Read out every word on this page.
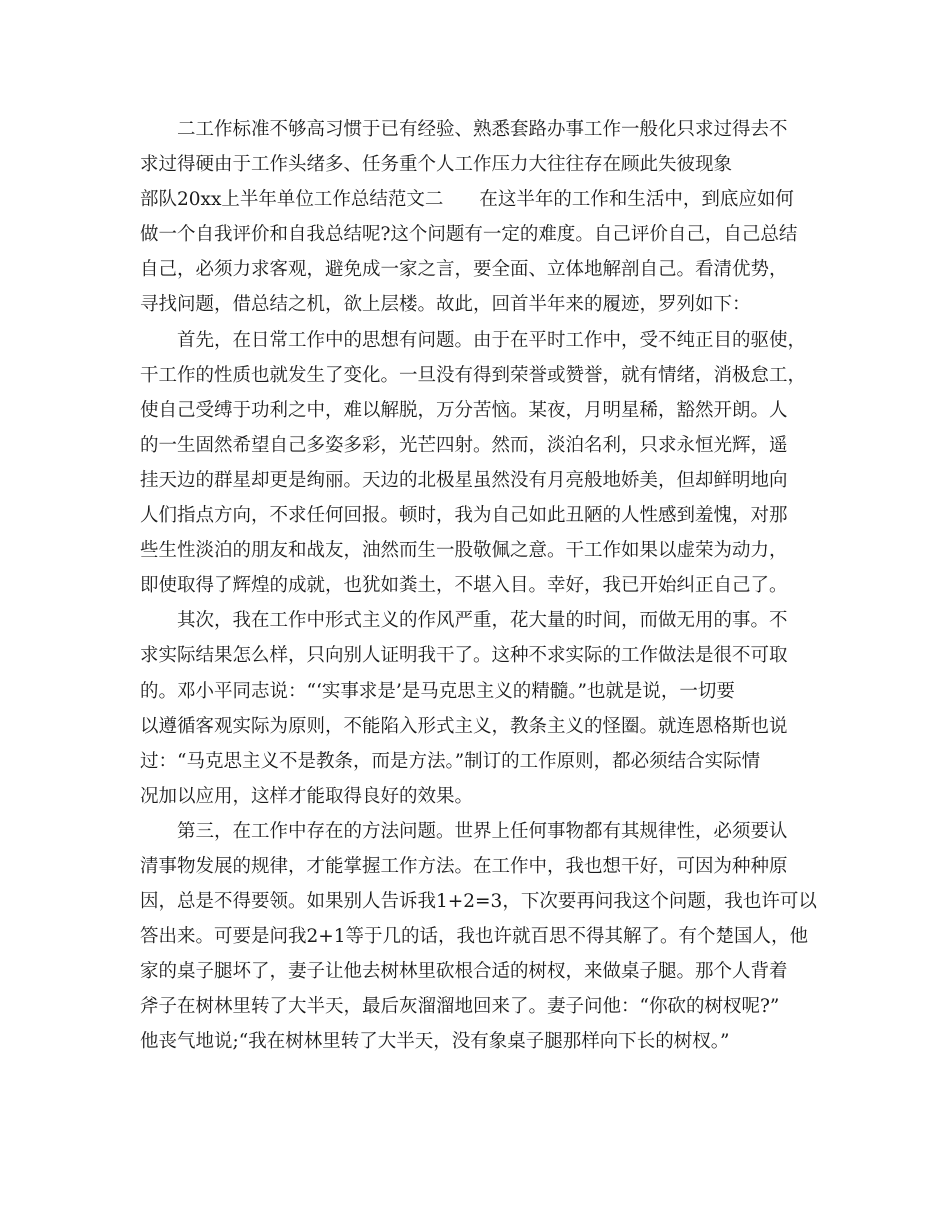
二工作标准不够高习惯于已有经验、熟悉套路办事工作一般化只求过得去不
求过得硬由于工作头绪多、任务重个人工作压力大往往存在顾此失彼现象
部队20xx上半年单位工作总结范文二 在这半年的工作和生活中，到底应如何
做一个自我评价和自我总结呢?这个问题有一定的难度。自己评价自己，自己总结
自己，必须力求客观，避免成一家之言，要全面、立体地解剖自己。看清优势，
寻找问题，借总结之机，欲上层楼。故此，回首半年来的履迹，罗列如下：
首先，在日常工作中的思想有问题。由于在平时工作中，受不纯正目的驱使，
干工作的性质也就发生了变化。一旦没有得到荣誉或赞誉，就有情绪，消极怠工，
使自己受缚于功利之中，难以解脱，万分苦恼。某夜，月明星稀，豁然开朗。人
的一生固然希望自己多姿多彩，光芒四射。然而，淡泊名利，只求永恒光辉，遥
挂天边的群星却更是绚丽。天边的北极星虽然没有月亮般地娇美，但却鲜明地向
人们指点方向，不求任何回报。顿时，我为自己如此丑陋的人性感到羞愧，对那
些生性淡泊的朋友和战友，油然而生一股敬佩之意。干工作如果以虚荣为动力，
即使取得了辉煌的成就，也犹如粪土，不堪入目。幸好，我已开始纠正自己了。
其次，我在工作中形式主义的作风严重，花大量的时间，而做无用的事。不
求实际结果怎么样，只向别人证明我干了。这种不求实际的工作做法是很不可取
的。邓小平同志说：“‘实事求是’是马克思主义的精髓。”也就是说，一切要
以遵循客观实际为原则，不能陷入形式主义，教条主义的怪圈。就连恩格斯也说
过：“马克思主义不是教条，而是方法。”制订的工作原则，都必须结合实际情
况加以应用，这样才能取得良好的效果。
第三，在工作中存在的方法问题。世界上任何事物都有其规律性，必须要认
清事物发展的规律，才能掌握工作方法。在工作中，我也想干好，可因为种种原
因，总是不得要领。如果别人告诉我1+2=3，下次要再问我这个问题，我也许可以
答出来。可要是问我2+1等于几的话，我也许就百思不得其解了。有个楚国人，他
家的桌子腿坏了，妻子让他去树林里砍根合适的树杈，来做桌子腿。那个人背着
斧子在树林里转了大半天，最后灰溜溜地回来了。妻子问他：“你砍的树杈呢?”
他丧气地说;“我在树林里转了大半天，没有象桌子腿那样向下长的树杈。”
